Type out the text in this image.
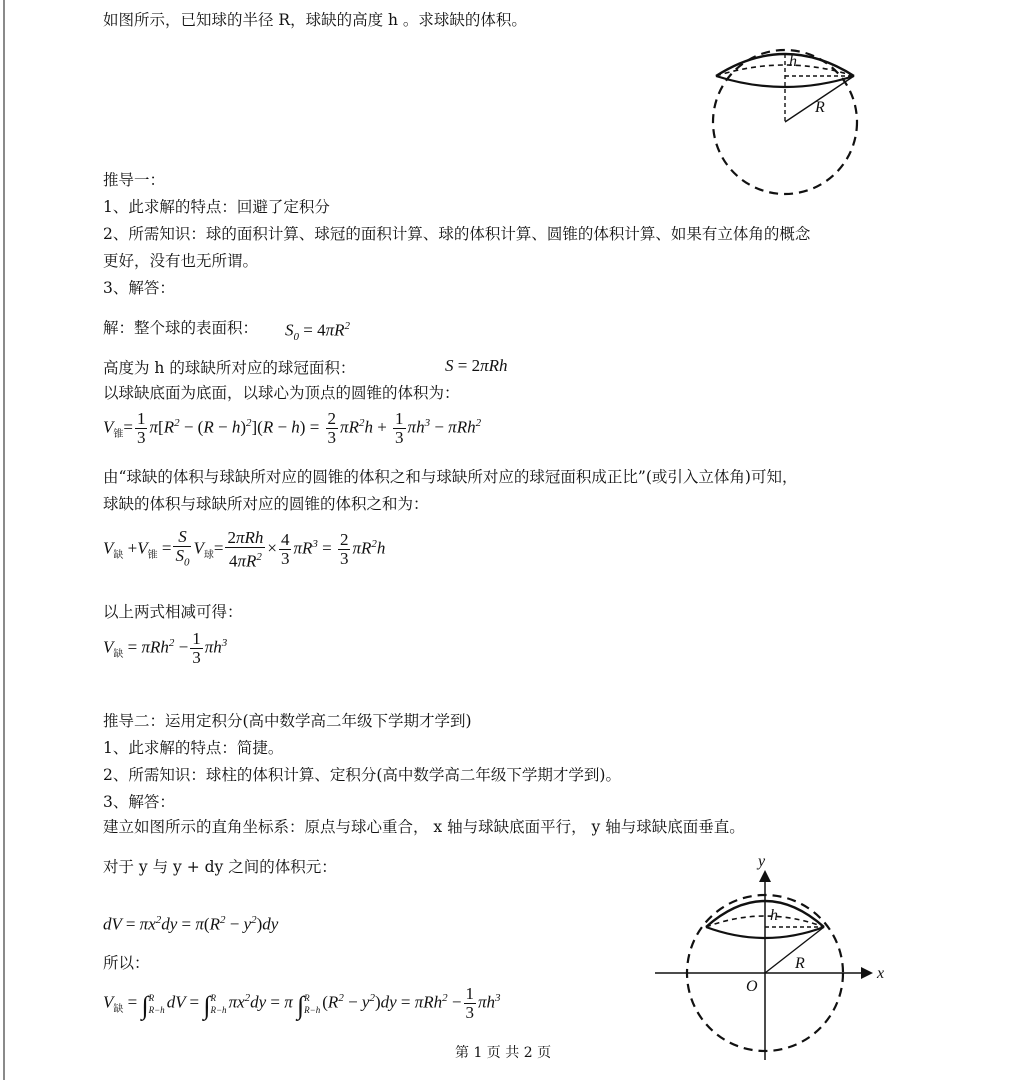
如图所示，已知球的半径 R，球缺的高度 h 。求球缺的体积。
h
R
推导一：
1、此求解的特点：回避了定积分
2、所需知识：球的面积计算、球冠的面积计算、球的体积计算、圆锥的体积计算、如果有立体角的概念
更好，没有也无所谓。
3、解答：
解：整个球的表面积： $S_0 = 4\pi R^2$
高度为 h 的球缺所对应的球冠面积：	S = 2πRh
以球缺底面为底面，以球心为顶点的圆锥的体积为：
$V_锥= \frac{1}{3} \pi[R^2 - (R - h)^2](R - h) = \frac{2}{3} \pi R^2h + \frac{1}{3} \pi h^3 - \pi Rh^2$
由“球缺的体积与球缺所对应的圆锥的体积之和与球缺所对应的球冠面积成正比”(或引入立体角)可知，
球缺的体积与球缺所对应的圆锥的体积之和为：
$V_缺 +V_锥 = \frac{S}{S_0} V_球= \frac{\text{2πRh}}{4\pi R^2} \times \frac{4}{3} \pi R^3 = \frac{2}{3} \pi R^2h$
以上两式相减可得：
$V_缺 = \pi Rh^2 - \frac{1}{3} \pi h^3$
推导二：运用定积分(高中数学高二年级下学期才学到)
1、此求解的特点：简捷。
2、所需知识：球柱的体积计算、定积分(高中数学高二年级下学期才学到)。
3、解答：
建立如图所示的直角坐标系：原点与球心重合， x 轴与球缺底面平行， y 轴与球缺底面垂直。
对于 y 与 y + dy 之间的体积元：
dV = $\pi x^2dy = \pi(R^2 - y^2)dy$
所以：
$V_缺$ = ∫ R
R−h dV = ∫ R
R−h $\pi x^2dy = \pi$ ∫ R
R−h $(R^2 - y^2)dy = \pi Rh^2 - \frac{1}{3} \pi h^3$
y
x
h
R
O
第 1 页 共 2 页
